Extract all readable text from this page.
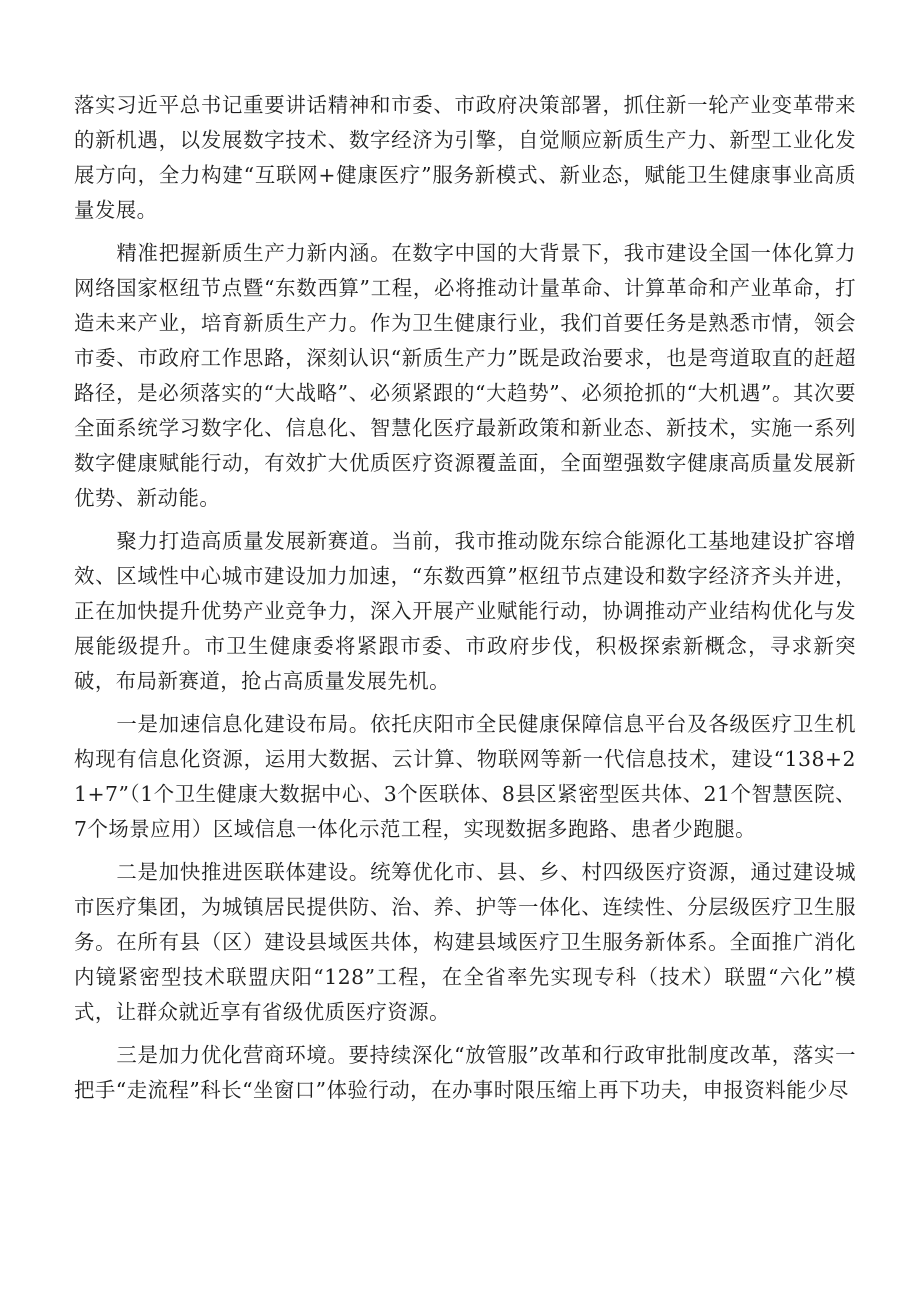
落实习近平总书记重要讲话精神和市委、市政府决策部署，抓住新一轮产业变革带来的新机遇，以发展数字技术、数字经济为引擎，自觉顺应新质生产力、新型工业化发展方向，全力构建“互联网+健康医疗”服务新模式、新业态，赋能卫生健康事业高质量发展。

精准把握新质生产力新内涵。在数字中国的大背景下，我市建设全国一体化算力网络国家枢纽节点暨“东数西算”工程，必将推动计量革命、计算革命和产业革命，打造未来产业，培育新质生产力。作为卫生健康行业，我们首要任务是熟悉市情，领会市委、市政府工作思路，深刻认识“新质生产力”既是政治要求，也是弯道取直的赶超路径，是必须落实的“大战略”、必须紧跟的“大趋势”、必须抢抓的“大机遇”。其次要全面系统学习数字化、信息化、智慧化医疗最新政策和新业态、新技术，实施一系列数字健康赋能行动，有效扩大优质医疗资源覆盖面，全面塑强数字健康高质量发展新优势、新动能。

聚力打造高质量发展新赛道。当前，我市推动陇东综合能源化工基地建设扩容增效、区域性中心城市建设加力加速，“东数西算”枢纽节点建设和数字经济齐头并进，正在加快提升优势产业竞争力，深入开展产业赋能行动，协调推动产业结构优化与发展能级提升。市卫生健康委将紧跟市委、市政府步伐，积极探索新概念，寻求新突破，布局新赛道，抢占高质量发展先机。

一是加速信息化建设布局。依托庆阳市全民健康保障信息平台及各级医疗卫生机构现有信息化资源，运用大数据、云计算、物联网等新一代信息技术，建设“138+21+7”（1个卫生健康大数据中心、3个医联体、8县区紧密型医共体、21个智慧医院、7个场景应用）区域信息一体化示范工程，实现数据多跑路、患者少跑腿。

二是加快推进医联体建设。统筹优化市、县、乡、村四级医疗资源，通过建设城市医疗集团，为城镇居民提供防、治、养、护等一体化、连续性、分层级医疗卫生服务。在所有县（区）建设县域医共体，构建县域医疗卫生服务新体系。全面推广消化内镜紧密型技术联盟庆阳“128”工程，在全省率先实现专科（技术）联盟“六化”模式，让群众就近享有省级优质医疗资源。

三是加力优化营商环境。要持续深化“放管服”改革和行政审批制度改革，落实一把手“走流程”科长“坐窗口”体验行动，在办事时限压缩上再下功夫，申报资料能少尽
